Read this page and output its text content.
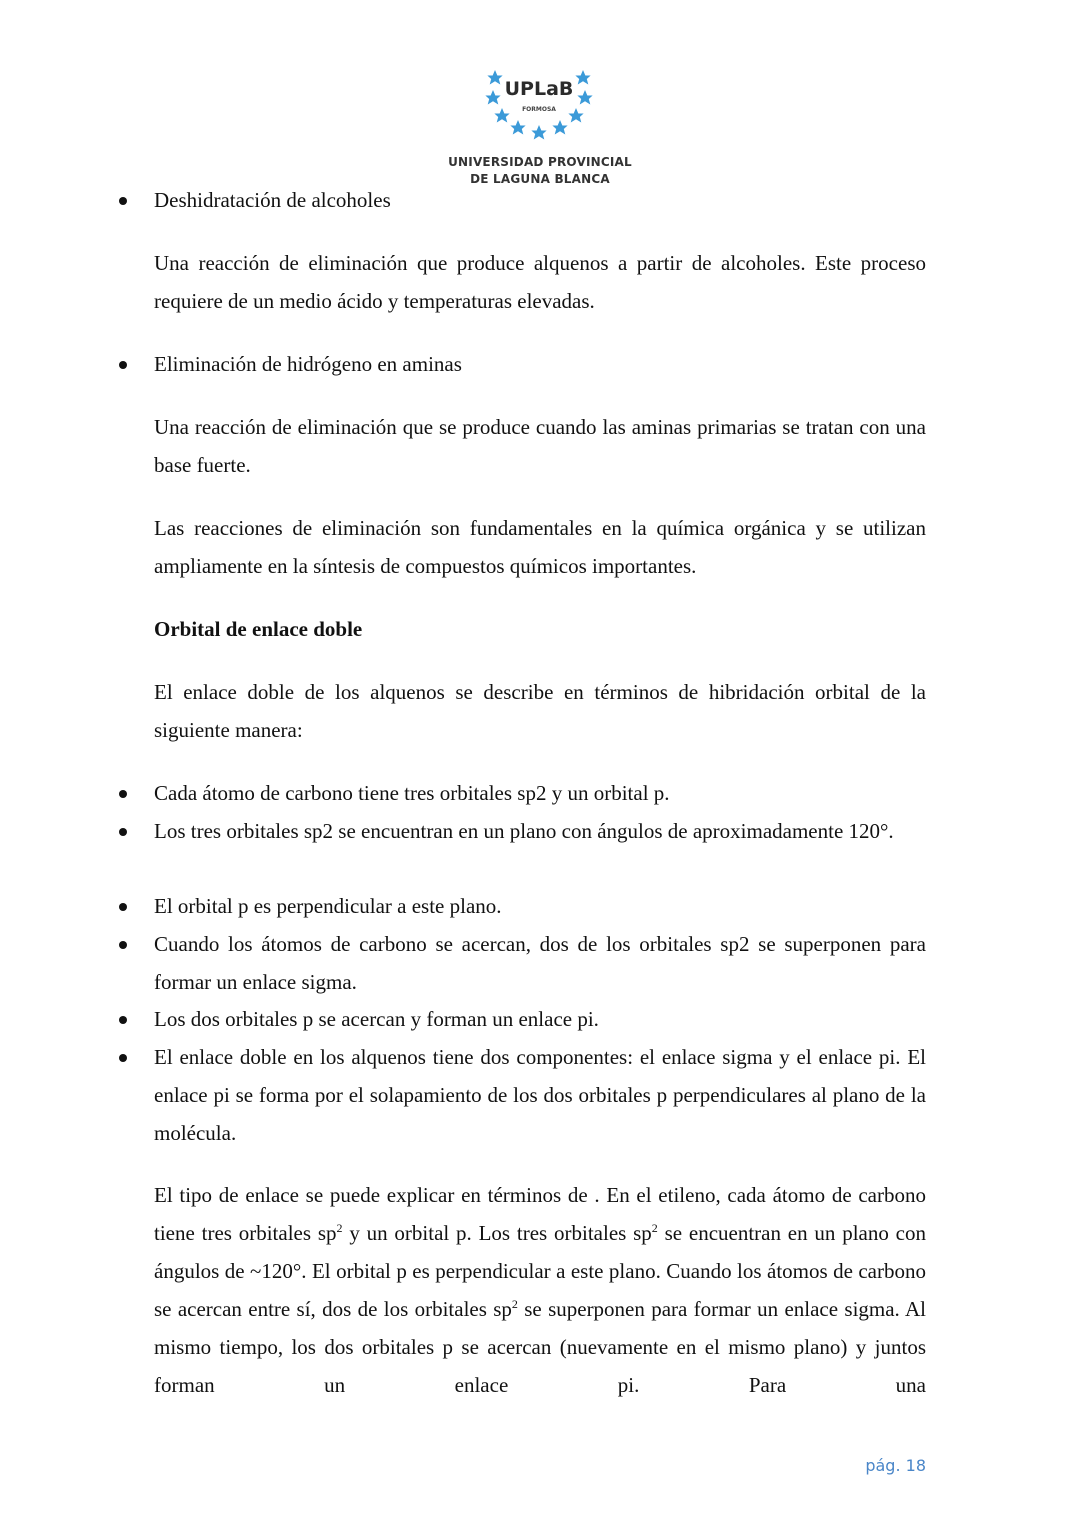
UPLaB
FORMOSA
UNIVERSIDAD PROVINCIAL
DE LAGUNA BLANCA

Deshidratación de alcoholes

Una reacción de eliminación que produce alquenos a partir de alcoholes. Este proceso requiere de un medio ácido y temperaturas elevadas.

Eliminación de hidrógeno en aminas

Una reacción de eliminación que se produce cuando las aminas primarias se tratan con una base fuerte.

Las reacciones de eliminación son fundamentales en la química orgánica y se utilizan ampliamente en la síntesis de compuestos químicos importantes.

Orbital de enlace doble

El enlace doble de los alquenos se describe en términos de hibridación orbital de la siguiente manera:

Cada átomo de carbono tiene tres orbitales sp2 y un orbital p.

Los tres orbitales sp2 se encuentran en un plano con ángulos de aproximadamente 120°.

El orbital p es perpendicular a este plano.

Cuando los átomos de carbono se acercan, dos de los orbitales sp2 se superponen para formar un enlace sigma.

Los dos orbitales p se acercan y forman un enlace pi.

El enlace doble en los alquenos tiene dos componentes: el enlace sigma y el enlace pi. El enlace pi se forma por el solapamiento de los dos orbitales p perpendiculares al plano de la molécula.

El tipo de enlace se puede explicar en términos de . En el etileno, cada átomo de carbono tiene tres orbitales $sp^2$ y un orbital p. Los tres orbitales $sp^2$ se encuentran en un plano con ángulos de ~120°. El orbital p es perpendicular a este plano. Cuando los átomos de carbono se acercan entre sí, dos de los orbitales $sp^2$ se superponen para formar un enlace sigma. Al mismo tiempo, los dos orbitales p se acercan (nuevamente en el mismo plano) y juntos forman un enlace pi. Para una

pág. 18
